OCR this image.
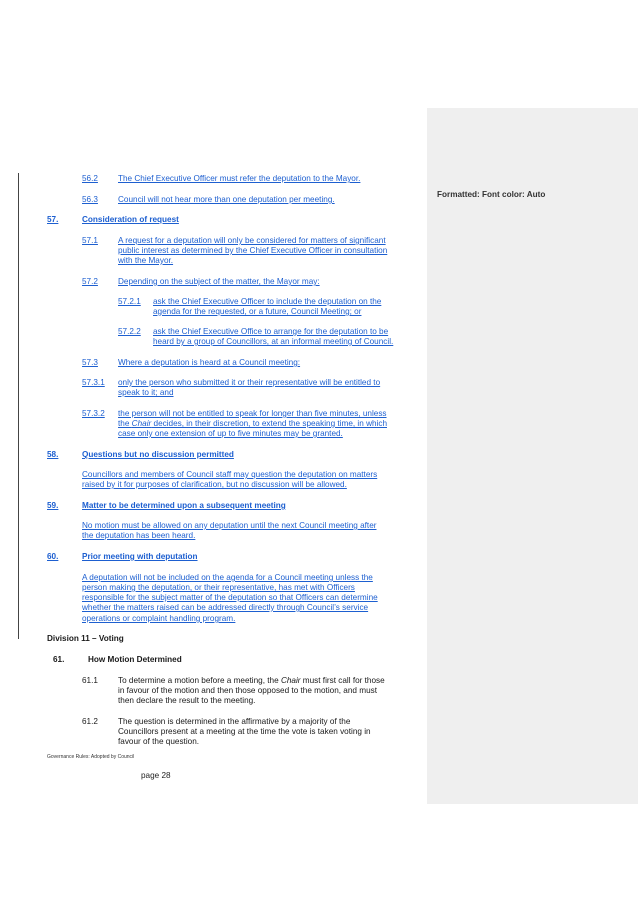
56.2 The Chief Executive Officer must refer the deputation to the Mayor.
56.3 Council will not hear more than one deputation per meeting.
57.	Consideration of request
57.1 A request for a deputation will only be considered for matters of significant
public interest as determined by the Chief Executive Officer in consultation
with the Mayor.
57.2 Depending on the subject of the matter, the Mayor may:
57.2.1 ask the Chief Executive Officer to include the deputation on the
agenda for the requested, or a future, Council Meeting; or
57.2.2 ask the Chief Executive Office to arrange for the deputation to be
heard by a group of Councillors, at an informal meeting of Council.
57.3 Where a deputation is heard at a Council meeting:
57.3.1 only the person who submitted it or their representative will be entitled to
speak to it; and
57.3.2 the person will not be entitled to speak for longer than five minutes, unless
the Chair decides, in their discretion, to extend the speaking time, in which
case only one extension of up to five minutes may be granted.
58.	Questions but no discussion permitted
Councillors and members of Council staff may question the deputation on matters
raised by it for purposes of clarification, but no discussion will be allowed.
59.	Matter to be determined upon a subsequent meeting
No motion must be allowed on any deputation until the next Council meeting after
the deputation has been heard.
60.	Prior meeting with deputation
A deputation will not be included on the agenda for a Council meeting unless the
person making the deputation, or their representative, has met with Officers
responsible for the subject matter of the deputation so that Officers can determine
whether the matters raised can be addressed directly through Council’s service
operations or complaint handling program.
Division 11 – Voting
61.	How Motion Determined
61.1 To determine a motion before a meeting, the Chair must first call for those
in favour of the motion and then those opposed to the motion, and must
then declare the result to the meeting.
61.2 The question is determined in the affirmative by a majority of the
Councillors present at a meeting at the time the vote is taken voting in
favour of the question.
Governance Rules: Adopted by Council
page 28
Formatted: Font color: Auto
